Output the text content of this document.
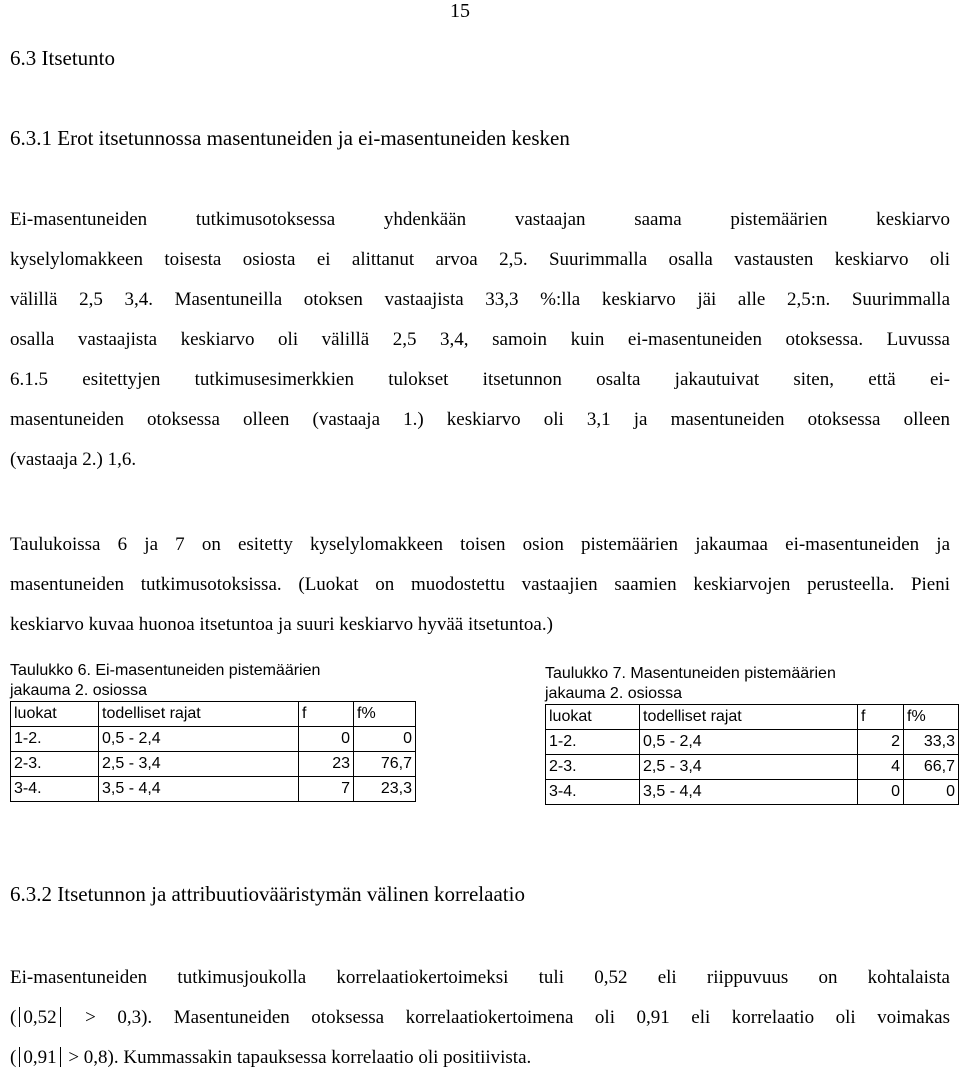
15
6.3 Itsetunto
6.3.1 Erot itsetunnossa masentuneiden ja ei-masentuneiden kesken
Ei-masentuneiden tutkimusotoksessa yhdenkään vastaajan saama pistemäärien keskiarvo
kyselylomakkeen toisesta osiosta ei alittanut arvoa 2,5. Suurimmalla osalla vastausten keskiarvo oli
välillä 2,5 3,4. Masentuneilla otoksen vastaajista 33,3 %:lla keskiarvo jäi alle 2,5:n. Suurimmalla
osalla vastaajista keskiarvo oli välillä 2,5 3,4, samoin kuin ei-masentuneiden otoksessa. Luvussa
6.1.5 esitettyjen tutkimusesimerkkien tulokset itsetunnon osalta jakautuivat siten, että ei-
masentuneiden otoksessa olleen (vastaaja 1.) keskiarvo oli 3,1 ja masentuneiden otoksessa olleen
(vastaaja 2.) 1,6.
Taulukoissa 6 ja 7 on esitetty kyselylomakkeen toisen osion pistemäärien jakaumaa ei-masentuneiden ja
masentuneiden tutkimusotoksissa. (Luokat on muodostettu vastaajien saamien keskiarvojen perusteella. Pieni
keskiarvo kuvaa huonoa itsetuntoa ja suuri keskiarvo hyvää itsetuntoa.)
Taulukko 6. Ei-masentuneiden pistemäärien
jakauma 2. osiossa
luokat	todelliset rajat	f	f%
1-2.	0,5 - 2,4	0	0
2-3.	2,5 - 3,4	23	76,7
3-4.	3,5 - 4,4	7	23,3
Taulukko 7. Masentuneiden pistemäärien
jakauma 2. osiossa
luokat	todelliset rajat	f	f%
1-2.	0,5 - 2,4	2	33,3
2-3.	2,5 - 3,4	4	66,7
3-4.	3,5 - 4,4	0	0
6.3.2 Itsetunnon ja attribuutiovääristymän välinen korrelaatio
Ei-masentuneiden tutkimusjoukolla korrelaatiokertoimeksi tuli 0,52 eli riippuvuus on kohtalaista
( 0,52 > 0,3). Masentuneiden otoksessa korrelaatiokertoimena oli 0,91 eli korrelaatio oli voimakas
( 0,91 > 0,8). Kummassakin tapauksessa korrelaatio oli positiivista.
